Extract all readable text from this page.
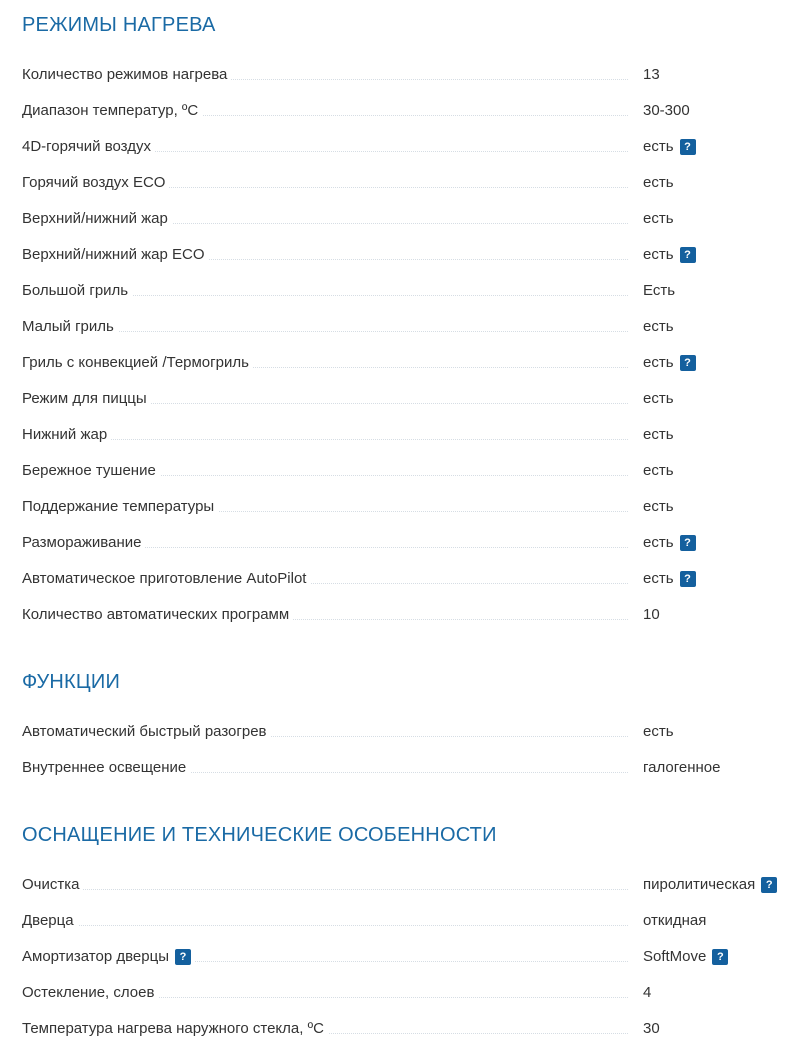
РЕЖИМЫ НАГРЕВА
Количество режимов нагрева	13
Диапазон температур, ºС	30-300
4D-горячий воздух	есть ?
Горячий воздух ECO	есть
Верхний/нижний жар	есть
Верхний/нижний жар ECO	есть ?
Большой гриль	Есть
Малый гриль	есть
Гриль с конвекцией /Термогриль	есть ?
Режим для пиццы	есть
Нижний жар	есть
Бережное тушение	есть
Поддержание температуры	есть
Размораживание	есть ?
Автоматическое приготовление AutoPilot	есть ?
Количество автоматических программ	10
ФУНКЦИИ
Автоматический быстрый разогрев	есть
Внутреннее освещение	галогенное
ОСНАЩЕНИЕ И ТЕХНИЧЕСКИЕ ОСОБЕННОСТИ
Очистка	пиролитическая ?
Дверца	откидная
Амортизатор дверцы ?	SoftMove ?
Остекление, слоев	4
Температура нагрева наружного стекла, ºС	30
